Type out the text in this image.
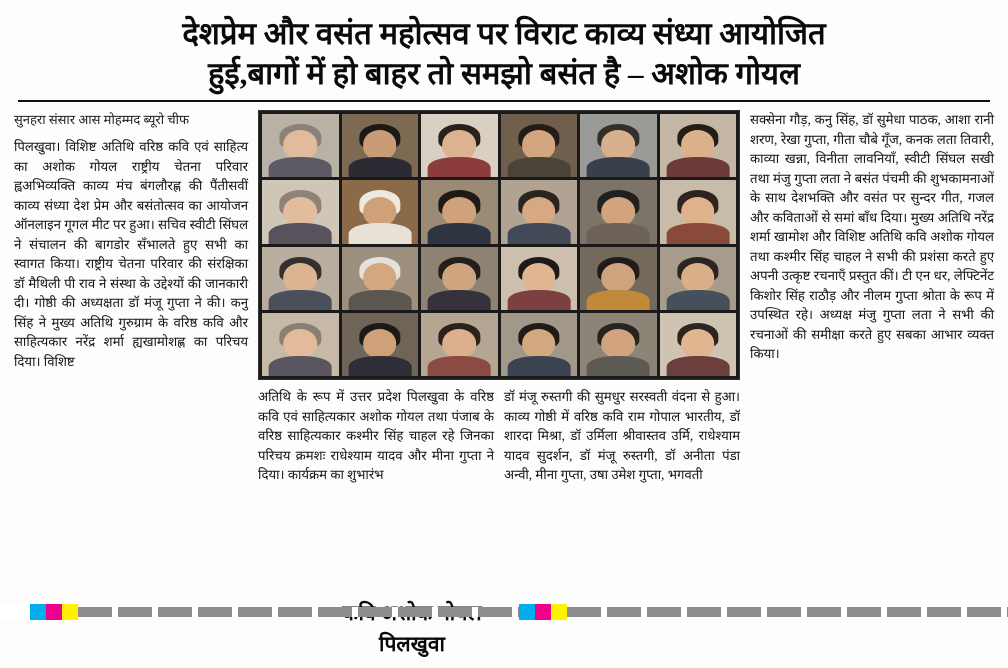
देशप्रेम और वसंत महोत्सव पर विराट काव्य संध्या आयोजित
हुई,बागों में हो बाहर तो समझो बसंत है – अशोक गोयल
सुनहरा संसार आस मोहम्मद ब्यूरो चीफ
पिलखुवा। विशिष्ट अतिथि वरिष्ठ कवि एवं साहित्य का अशोक गोयल राष्ट्रीय चेतना परिवार ह्वअभिव्यक्ति काव्य मंच बंगलौरह्ण की पैंतीसवीं काव्य संध्या देश प्रेम और बसंतोत्सव का आयोजन ऑनलाइन गूगल मीट पर हुआ। सचिव स्वीटी सिंघल ने संचालन की बागडोर सँभालते हुए सभी का स्वागत किया। राष्ट्रीय चेतना परिवार की संरक्षिका डॉ मैथिली पी राव ने संस्था के उद्देश्यों की जानकारी दी। गोष्ठी की अध्यक्षता डॉ मंजू गुप्ता ने की। कनु सिंह ने मुख्य अतिथि गुरुग्राम के वरिष्ठ कवि और साहित्यकार नरेंद्र शर्मा ह्यखामोशह्ण का परिचय दिया। विशिष्ट
अतिथि के रूप में उत्तर प्रदेश पिलखुवा के वरिष्ठ कवि एवं साहित्यकार अशोक गोयल तथा पंजाब के वरिष्ठ साहित्यकार कश्मीर सिंह चाहल रहे जिनका परिचय क्रमशः राधेश्याम यादव और मीना गुप्ता ने दिया। कार्यक्रम का शुभारंभ
डॉ मंजू रुस्तगी की सुमधुर सरस्वती वंदना से हुआ। काव्य गोष्ठी में वरिष्ठ कवि राम गोपाल भारतीय, डॉ शारदा मिश्रा, डॉ उर्मिला श्रीवास्तव उर्मि, राधेश्याम यादव सुदर्शन, डॉ मंजू रुस्तगी, डॉ अनीता पंडा अन्वी, मीना गुप्ता, उषा उमेश गुप्ता, भगवती
सक्सेना गौड़, कनु सिंह, डॉ सुमेधा पाठक, आशा रानी शरण, रेखा गुप्ता, गीता चौबे गूँज, कनक लता तिवारी, काव्या खन्ना, विनीता लावनियाँ, स्वीटी सिंघल सखी तथा मंजु गुप्ता लता ने बसंत पंचमी की शुभकामनाओं के साथ देशभक्ति और वसंत पर सुन्दर गीत, गजल और कविताओं से समां बाँध दिया। मुख्य अतिथि नरेंद्र शर्मा खामोश और विशिष्ट अतिथि कवि अशोक गोयल तथा कश्मीर सिंह चाहल ने सभी की प्रशंसा करते हुए अपनी उत्कृष्ट रचनाएँ प्रस्तुत कीं। टी एन धर, लेफ्टिनेंट किशोर सिंह राठौड़ और नीलम गुप्ता श्रोता के रूप में उपस्थित रहे। अध्यक्ष मंजु गुप्ता लता ने सभी की रचनाओं की समीक्षा करते हुए सबका आभार व्यक्त किया।
पिलखुवा
